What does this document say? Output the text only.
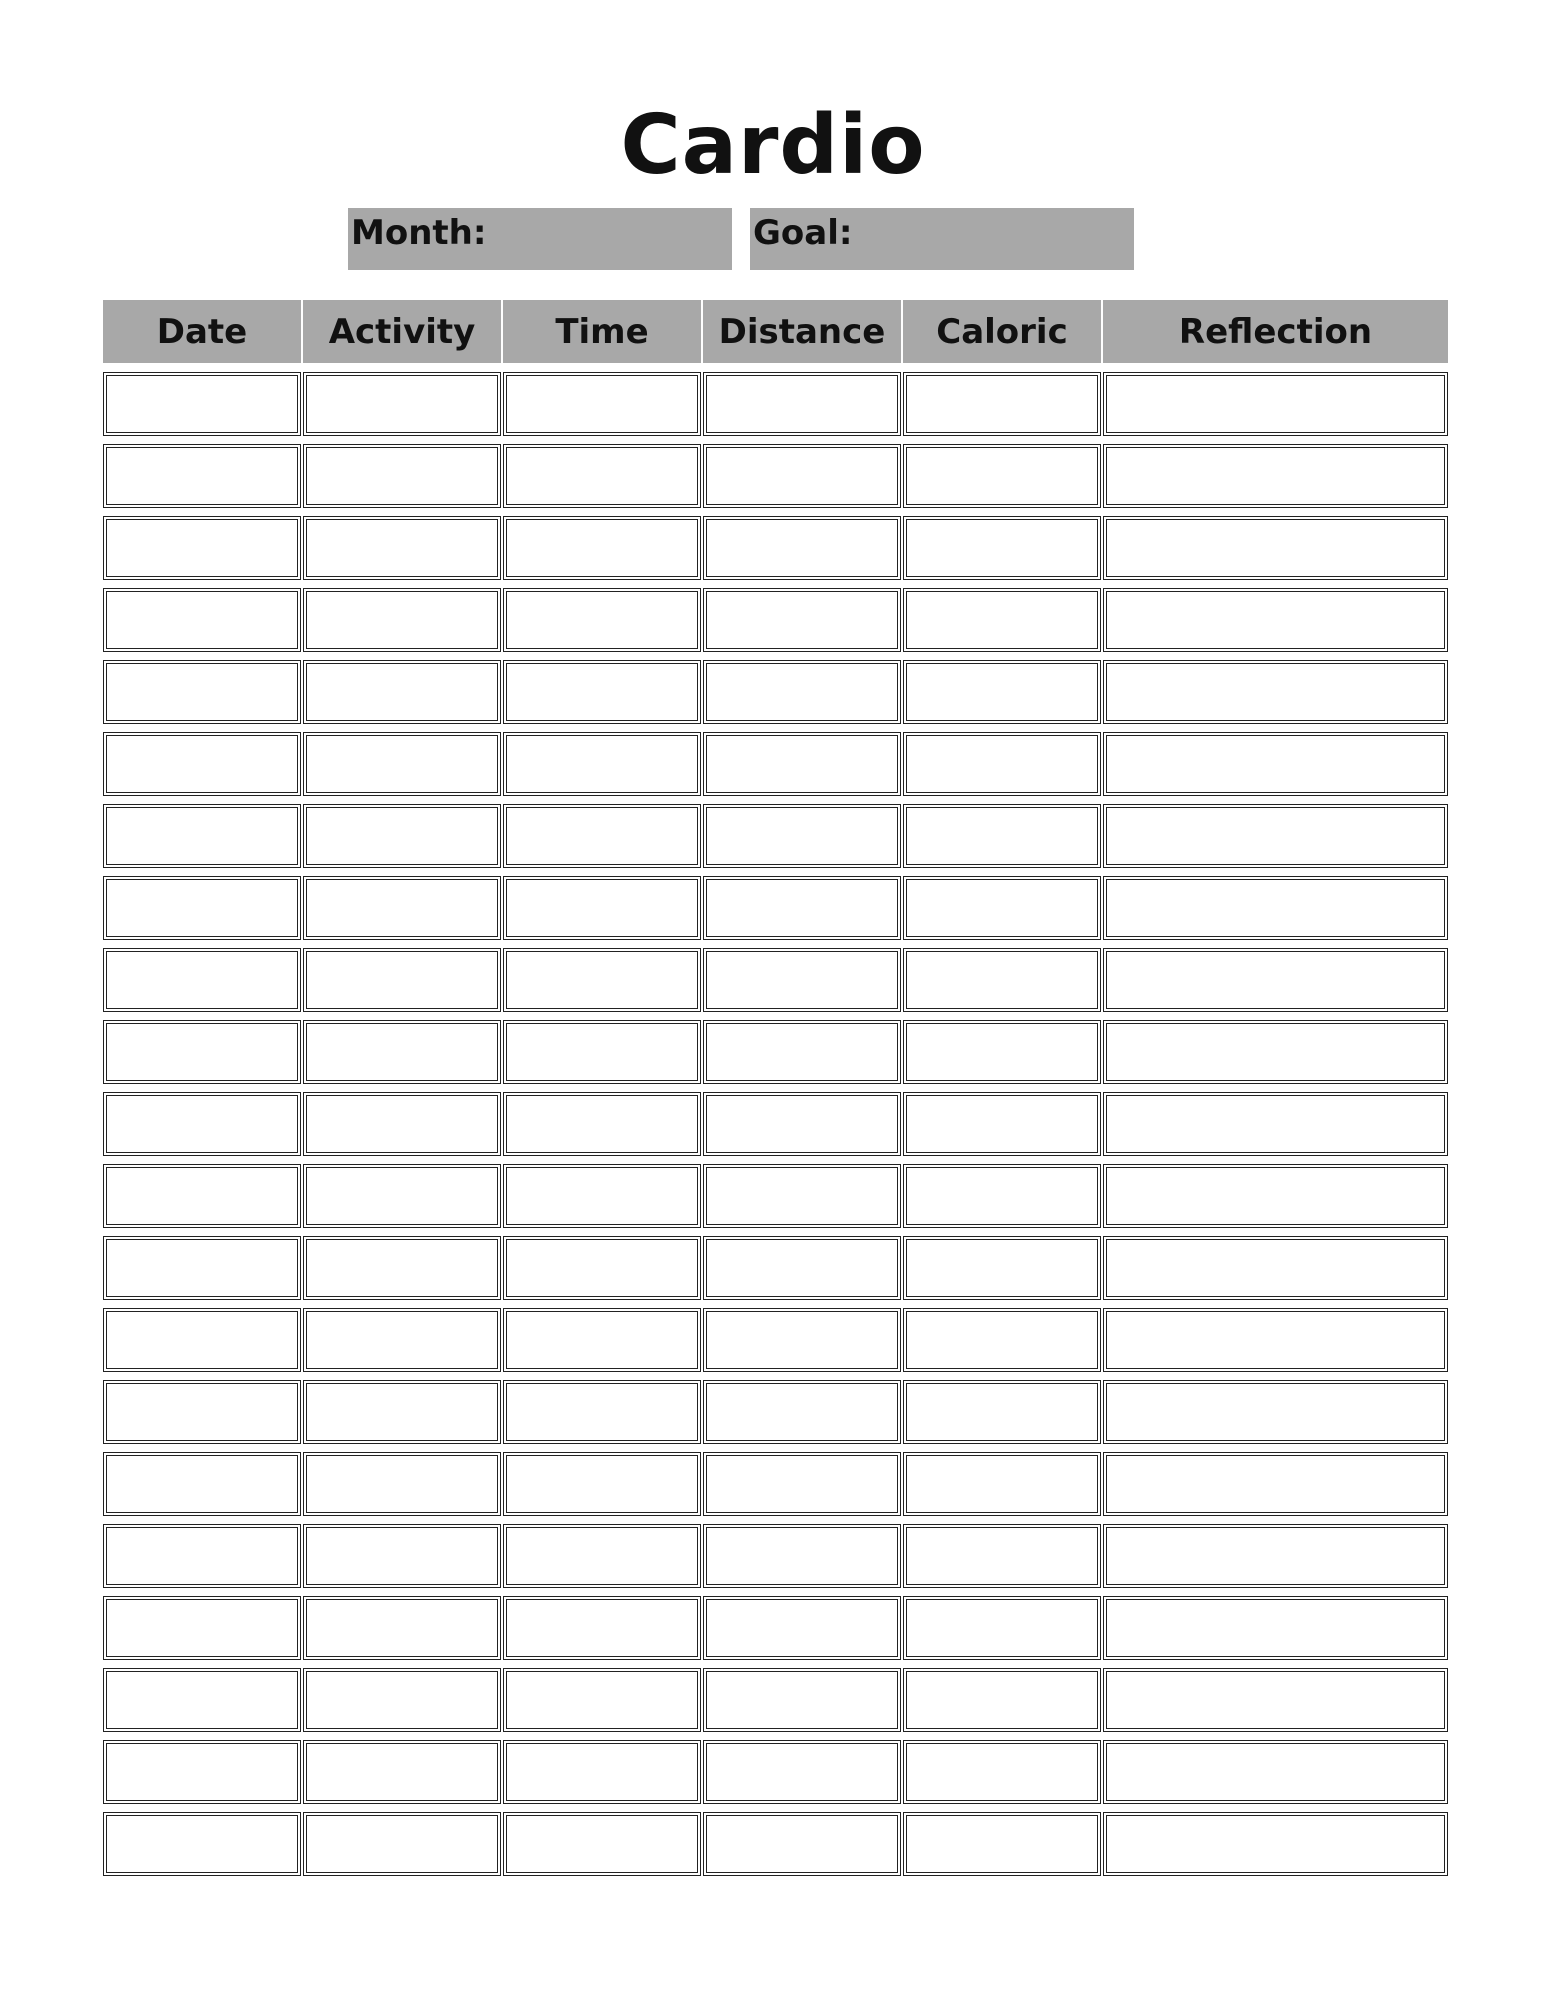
Cardio
Month:	Goal:
Date	Activity	Time	Distance	Caloric	Reflection
